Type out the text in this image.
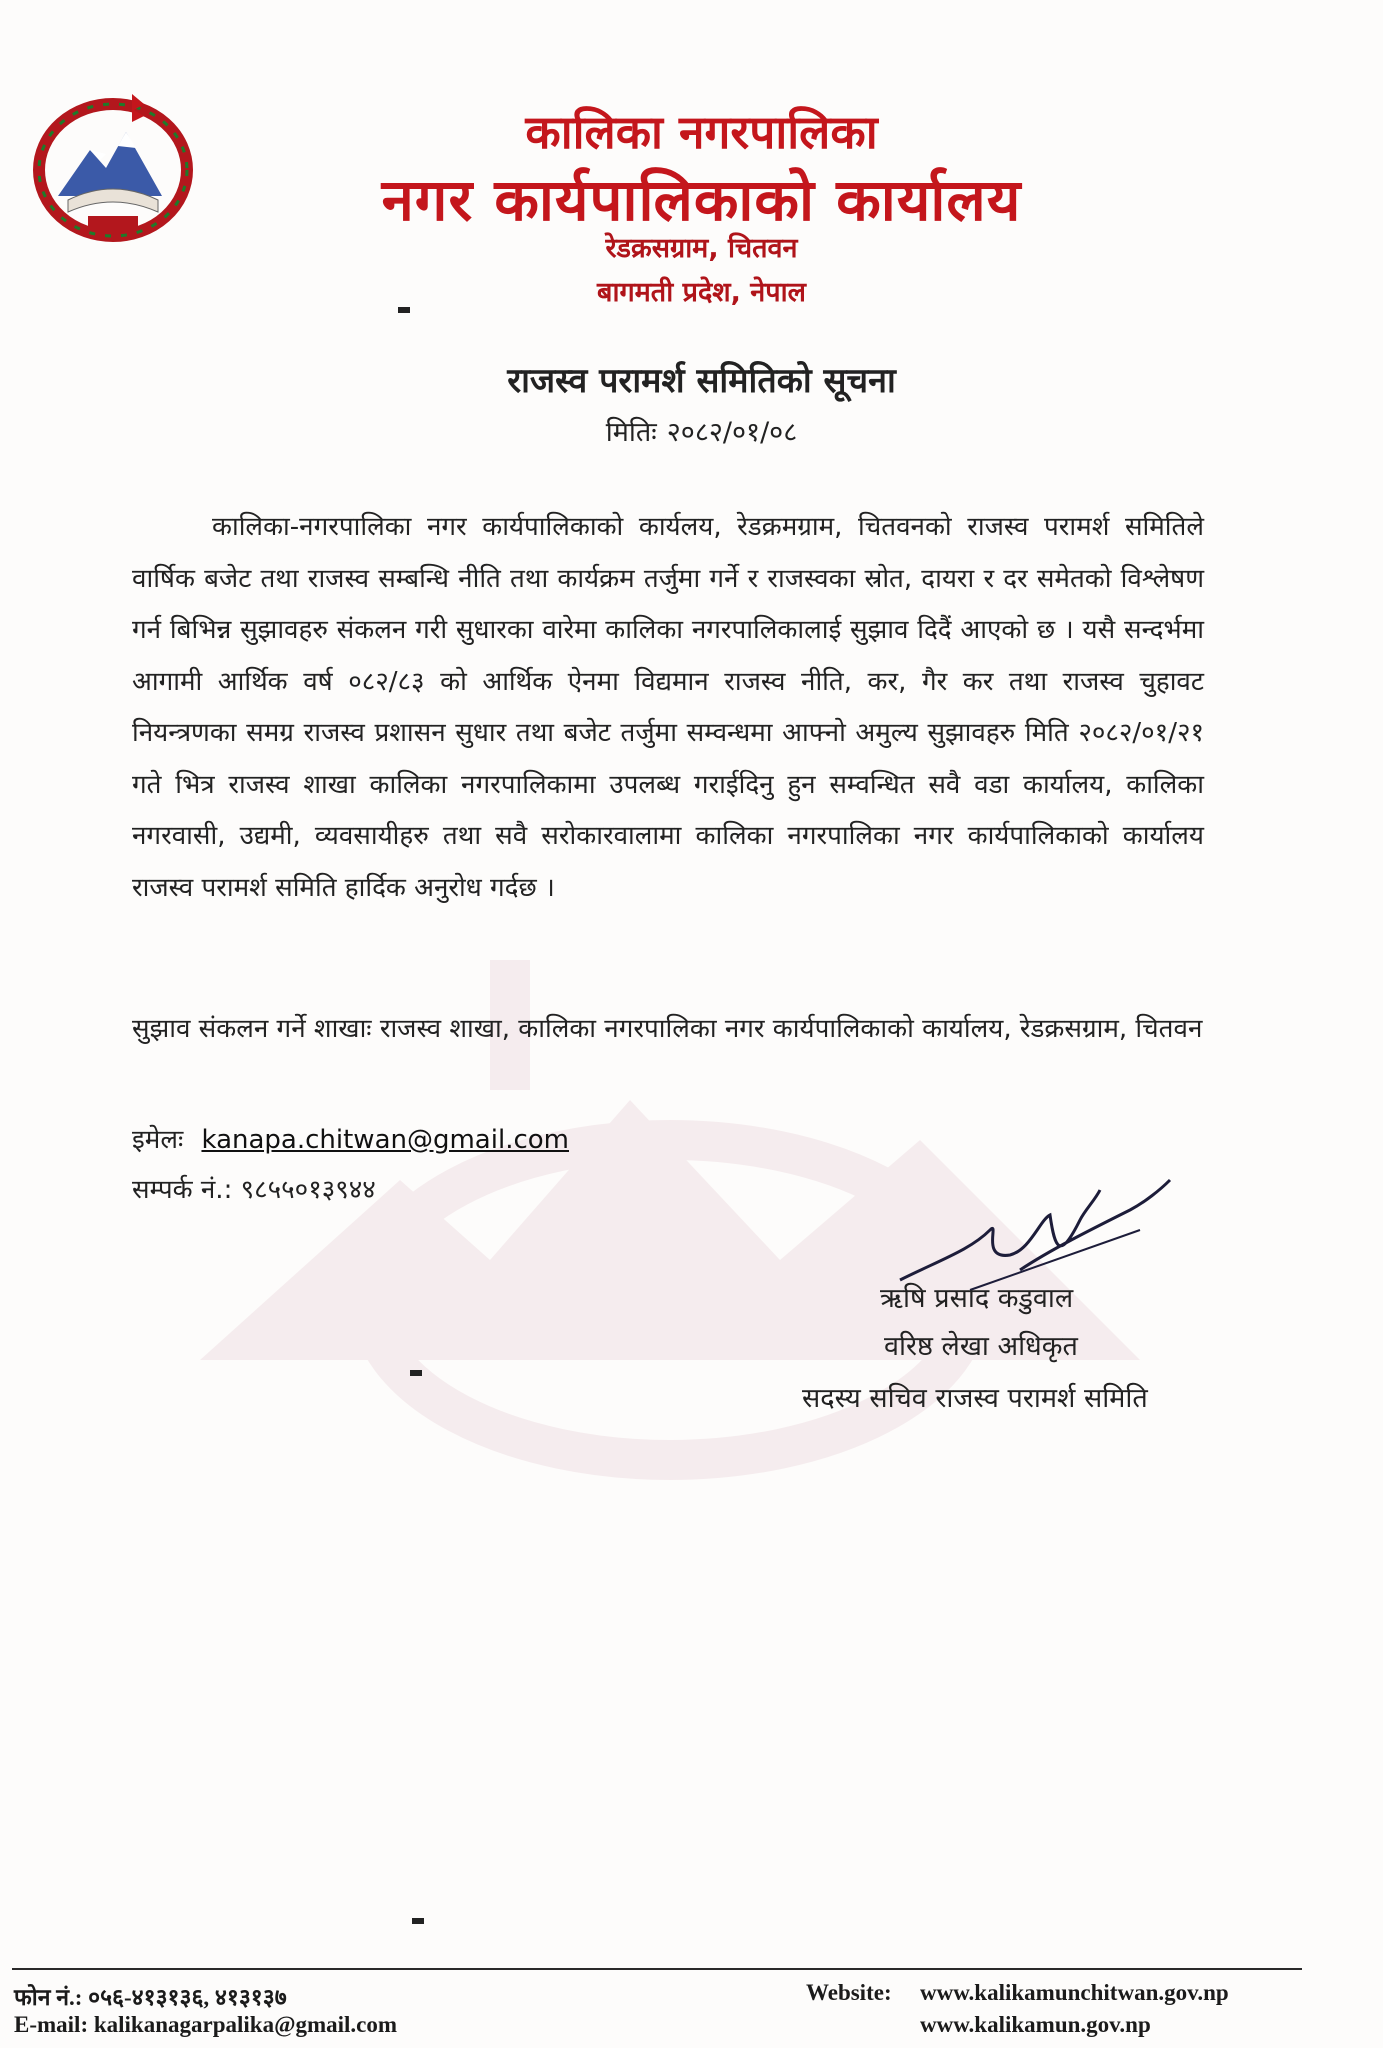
कालिका नगरपालिका
नगर कार्यपालिकाको कार्यालय
रेडक्रसग्राम, चितवन
बागमती प्रदेश, नेपाल
राजस्व परामर्श समितिको सूचना
मितिः २०८२/०१/०८
कालिका-नगरपालिका नगर कार्यपालिकाको कार्यलय, रेडक्रमग्राम, चितवनको राजस्व परामर्श समितिले वार्षिक बजेट तथा राजस्व सम्बन्धि नीति तथा कार्यक्रम तर्जुमा गर्ने र राजस्वका स्रोत, दायरा र दर समेतको विश्लेषण गर्न बिभिन्न सुझावहरु संकलन गरी सुधारका वारेमा कालिका नगरपालिकालाई सुझाव दिदैं आएको छ । यसै सन्दर्भमा आगामी आर्थिक वर्ष ०८२/८३ को आर्थिक ऐनमा विद्यमान राजस्व नीति, कर, गैर कर तथा राजस्व चुहावट नियन्त्रणका समग्र राजस्व प्रशासन सुधार तथा बजेट तर्जुमा सम्वन्धमा आफ्नो अमुल्य सुझावहरु मिति २०८२/०१/२१ गते भित्र राजस्व शाखा कालिका नगरपालिकामा उपलब्ध गराईदिनु हुन सम्वन्धित सवै वडा कार्यालय, कालिका नगरवासी, उद्यमी, व्यवसायीहरु तथा सवै सरोकारवालामा कालिका नगरपालिका नगर कार्यपालिकाको कार्यालय राजस्व परामर्श समिति हार्दिक अनुरोध गर्दछ ।
सुझाव संकलन गर्ने शाखाः राजस्व शाखा, कालिका नगरपालिका नगर कार्यपालिकाको कार्यालय, रेडक्रसग्राम, चितवन
इमेलः kanapa.chitwan@gmail.com
सम्पर्क नं.: ९८५५०१३९४४
ऋषि प्रसाद कडुवाल
वरिष्ठ लेखा अधिकृत
सदस्य सचिव राजस्व परामर्श समिति
फोन नं.: ०५६-४१३१३६, ४१३१३७
E-mail: kalikanagarpalika@gmail.com
Website: www.kalikamunchitwan.gov.np
www.kalikamun.gov.np
